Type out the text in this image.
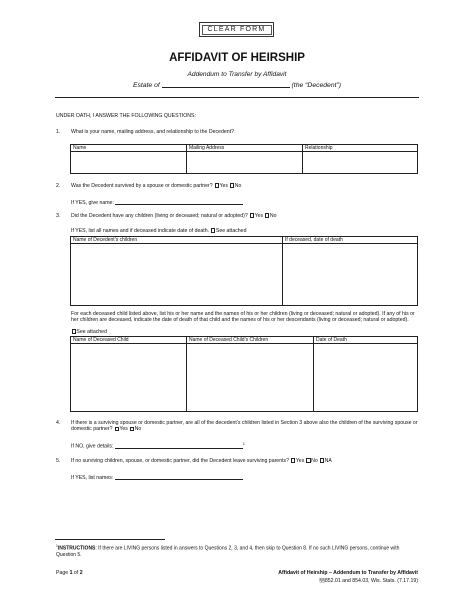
CLEAR FORM
AFFIDAVIT OF HEIRSHIP
Addendum to Transfer by Affidavit
Estate of	(the “Decedent”)
UNDER OATH, I ANSWER THE FOLLOWING QUESTIONS:
1. What is your name, mailing address, and relationship to the Decedent?
Name	Mailing Address	Relationship
2. Was the Decedent survived by a spouse or domestic partner? Yes No
If YES, give name:
3. Did the Decedent have any children (living or deceased; natural or adopted)? Yes No
If YES, list all names and if deceased indicate date of death. See attached
Name of Decedent’s children	If deceased, date of death
For each deceased child listed above, list his or her name and the names of his or her children (living or deceased; natural or adopted). If any of his or her children are deceased, indicate the date of death of that child and the names of his or her descendants (living or deceased; natural or adopted).
See attached
Name of Deceased Child	Name of Deceased Child’s Children	Date of Death
4. If there is a surviving spouse or domestic partner, are all of the decedent’s children listed in Section 3 above also the children of the surviving spouse or domestic partner? Yes No
If NO, give details:	$^1$
5. If no surviving children, spouse, or domestic partner, did the Decedent leave surviving parents? Yes No NA
If YES, list names:
$^1$INSTRUCTIONS: If there are LIVING persons listed in answers to Questions 2, 3, and 4, then skip to Question 8. If no such LIVING persons, continue with Question 5.
Page 1 of 2	Affidavit of Heirship – Addendum to Transfer by Affidavit
§§852.01 and 854.03, Wis. Stats. (7.17.19)
